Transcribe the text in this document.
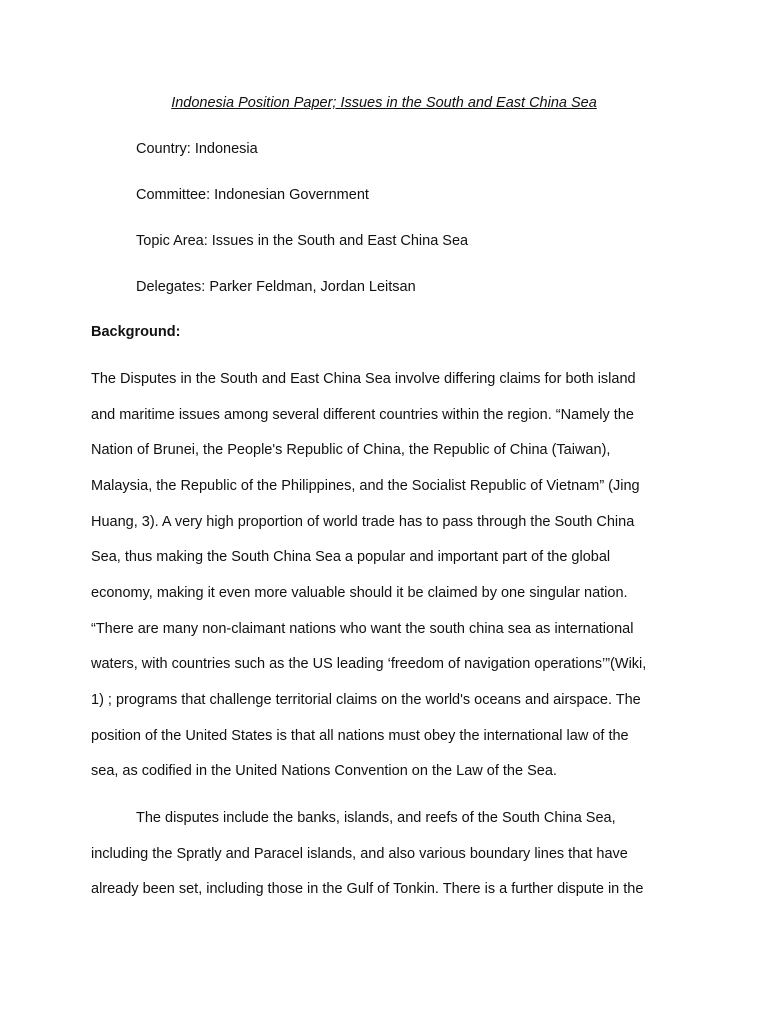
Indonesia Position Paper; Issues in the South and East China Sea
Country: Indonesia
Committee: Indonesian Government
Topic Area: Issues in the South and East China Sea
Delegates: Parker Feldman, Jordan Leitsan
Background:
The Disputes in the South and East China Sea involve differing claims for both island
and maritime issues among several different countries within the region. “Namely the
Nation of Brunei, the People's Republic of China, the Republic of China (Taiwan),
Malaysia, the Republic of the Philippines, and the Socialist Republic of Vietnam” (Jing
Huang, 3). A very high proportion of world trade has to pass through the South China
Sea, thus making the South China Sea a popular and important part of the global
economy, making it even more valuable should it be claimed by one singular nation.
“There are many non-claimant nations who want the south china sea as international
waters, with countries such as the US leading ‘freedom of navigation operations’”(Wiki,
1) ; programs that challenge territorial claims on the world's oceans and airspace. The
position of the United States is that all nations must obey the international law of the
sea, as codified in the United Nations Convention on the Law of the Sea.
The disputes include the banks, islands, and reefs of the South China Sea,
including the Spratly and Paracel islands, and also various boundary lines that have
already been set, including those in the Gulf of Tonkin. There is a further dispute in the
